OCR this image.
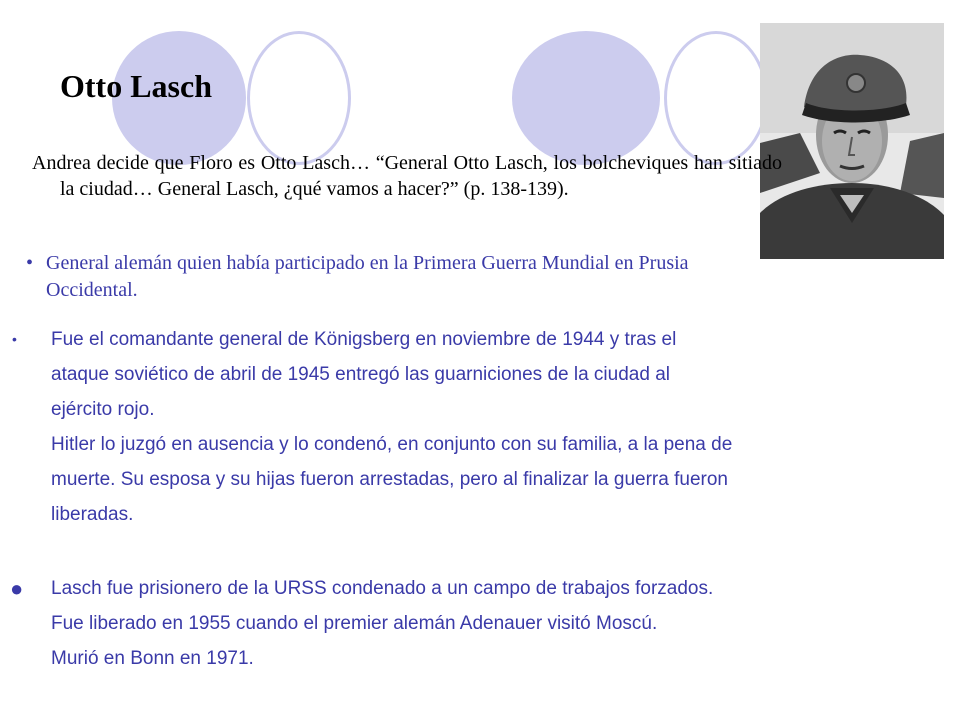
Otto Lasch

Andrea decide que Floro es Otto Lasch… “General Otto Lasch, los bolcheviques han sitiado la ciudad… General Lasch, ¿qué vamos a hacer?” (p. 138-139).

• General alemán quien había participado en la Primera Guerra Mundial en Prusia Occidental.
•	Fue el comandante general de Königsberg en noviembre de 1944 y tras el
ataque soviético de abril de 1945 entregó las guarniciones de la ciudad al
ejército rojo.
Hitler lo juzgó en ausencia y lo condenó, en conjunto con su familia, a la pena de
muerte. Su esposa y su hijas fueron arrestadas, pero al finalizar la guerra fueron
liberadas.
●	Lasch fue prisionero de la URSS condenado a un campo de trabajos forzados.
Fue liberado en 1955 cuando el premier alemán Adenauer visitó Moscú.
Murió en Bonn en 1971.
